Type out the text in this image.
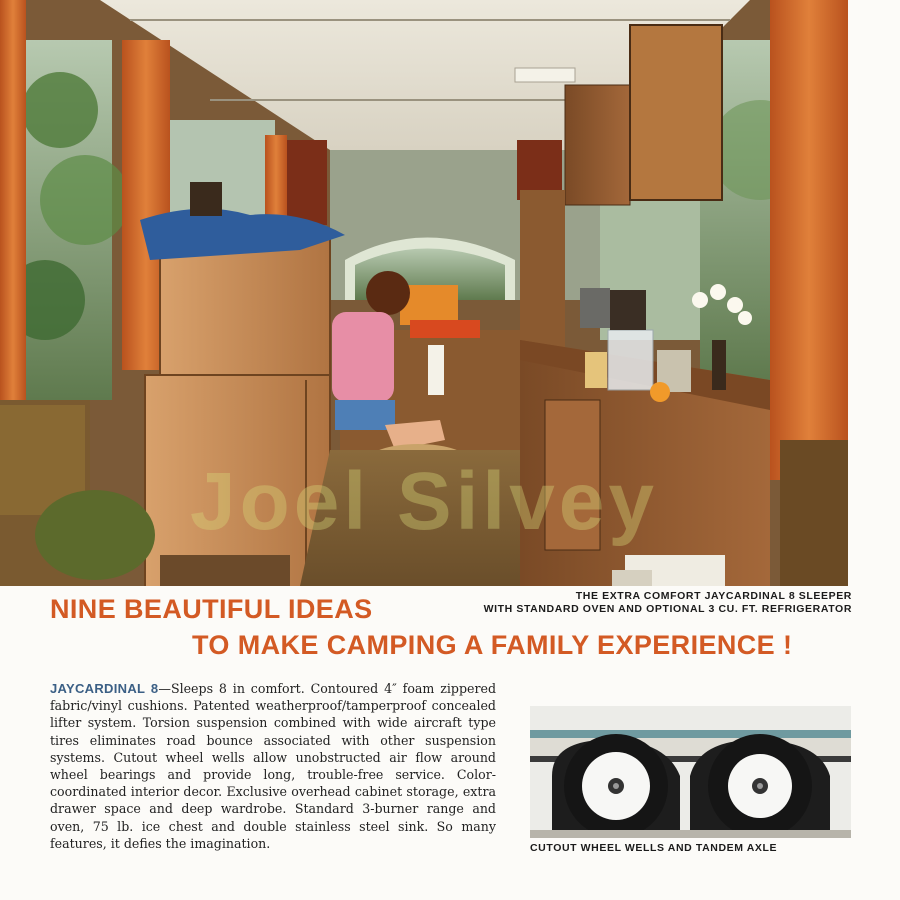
Joel Silvey
THE EXTRA COMFORT JAYCARDINAL 8 SLEEPER
WITH STANDARD OVEN AND OPTIONAL 3 CU. FT. REFRIGERATOR
NINE BEAUTIFUL IDEAS
TO MAKE CAMPING A FAMILY EXPERIENCE !
JAYCARDINAL 8—Sleeps 8 in comfort. Contoured 4″ foam zippered fabric/vinyl cushions. Patented weatherproof/tamperproof concealed lifter system. Torsion suspension combined with wide aircraft type tires eliminates road bounce associated with other suspension systems. Cutout wheel wells allow unobstructed air flow around wheel bearings and provide long, trouble-free service. Color-coordinated interior decor. Exclusive overhead cabinet storage, extra drawer space and deep wardrobe. Standard 3-burner range and oven, 75 lb. ice chest and double stainless steel sink. So many features, it defies the imagination.	CUTOUT WHEEL WELLS AND TANDEM AXLE
